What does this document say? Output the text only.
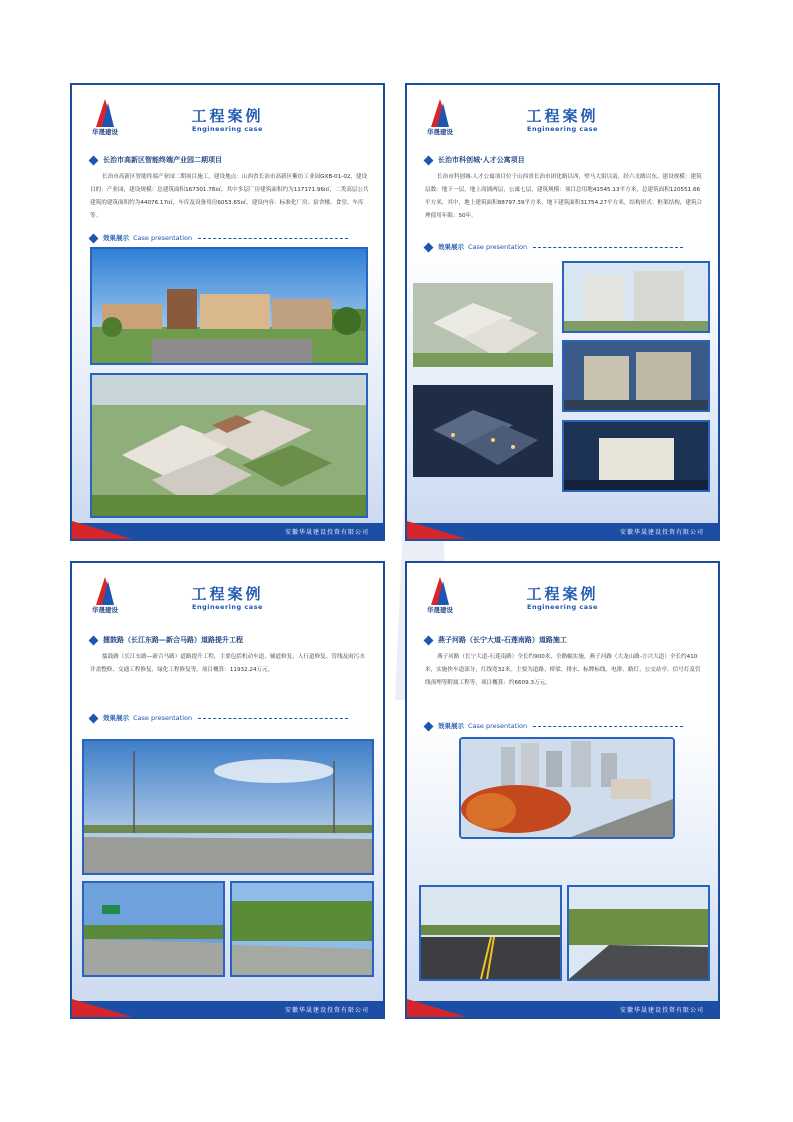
华晟建设
工程案例
Engineering case
长治市高新区智能终端产业园二期项目
长治市高新区智能终端产业园二期项目施工，建设地点：山西省长治市高新区紫坊工业园GXB-01-02，建设目的：产业园，建设规模：总建筑面积167301.78㎡，其中多层厂房建筑面积约为117171.96㎡，二类高层公共建筑的建筑面积约为44076.17㎡，车库及设备用房6053.65㎡，建设内容：标准化厂房、宿舍楼、食堂、车库等。
效果展示 Case presentation
安徽华晟建设投资有限公司
华晟建设
工程案例
Engineering case
长治市科创城·人才公寓项目
长治市科创城·人才公寓项目位于山西省长治市团化路以西，壁马大街以南，经六支路以东。建设规模：建筑层数：地下一层，地上商铺两层，公寓七层，建筑规模：项目总用地41545.13平方米，总建筑面积120551.66平方米，其中，地上建筑面积88797.39平方米，地下建筑面积31754.27平方米，结构形式：框架结构，建筑合理使用年限：50年。
效果展示 Case presentation
安徽华晟建设投资有限公司
华晟建设
工程案例
Engineering case
擂鼓路（长江东路—新合马路）道路提升工程
擂鼓路（长江东路—新合马路）道路提升工程，主要包括机动车道、辅道修复、人行道修复、管线及雨污水井盖整修、交通工程修复、绿化工程修复等。项目概算：11932.24万元。
效果展示 Case presentation
安徽华晟建设投资有限公司
华晟建设
工程案例
Engineering case
燕子河路（长宁大道-石莲南路）道路施工
燕子河路（长宁大道-石莲南路）全长约900米，全路幅实施，燕子河路（大龙山路-方兴大道）全长约410米，实施快车道部分，红线宽32米。主要为道路、桥梁、排水、标牌标线、电排、路灯、公交站亭、信号灯及管线预埋等附属工程等，项目概算：约6609.3万元。
效果展示 Case presentation
安徽华晟建设投资有限公司
